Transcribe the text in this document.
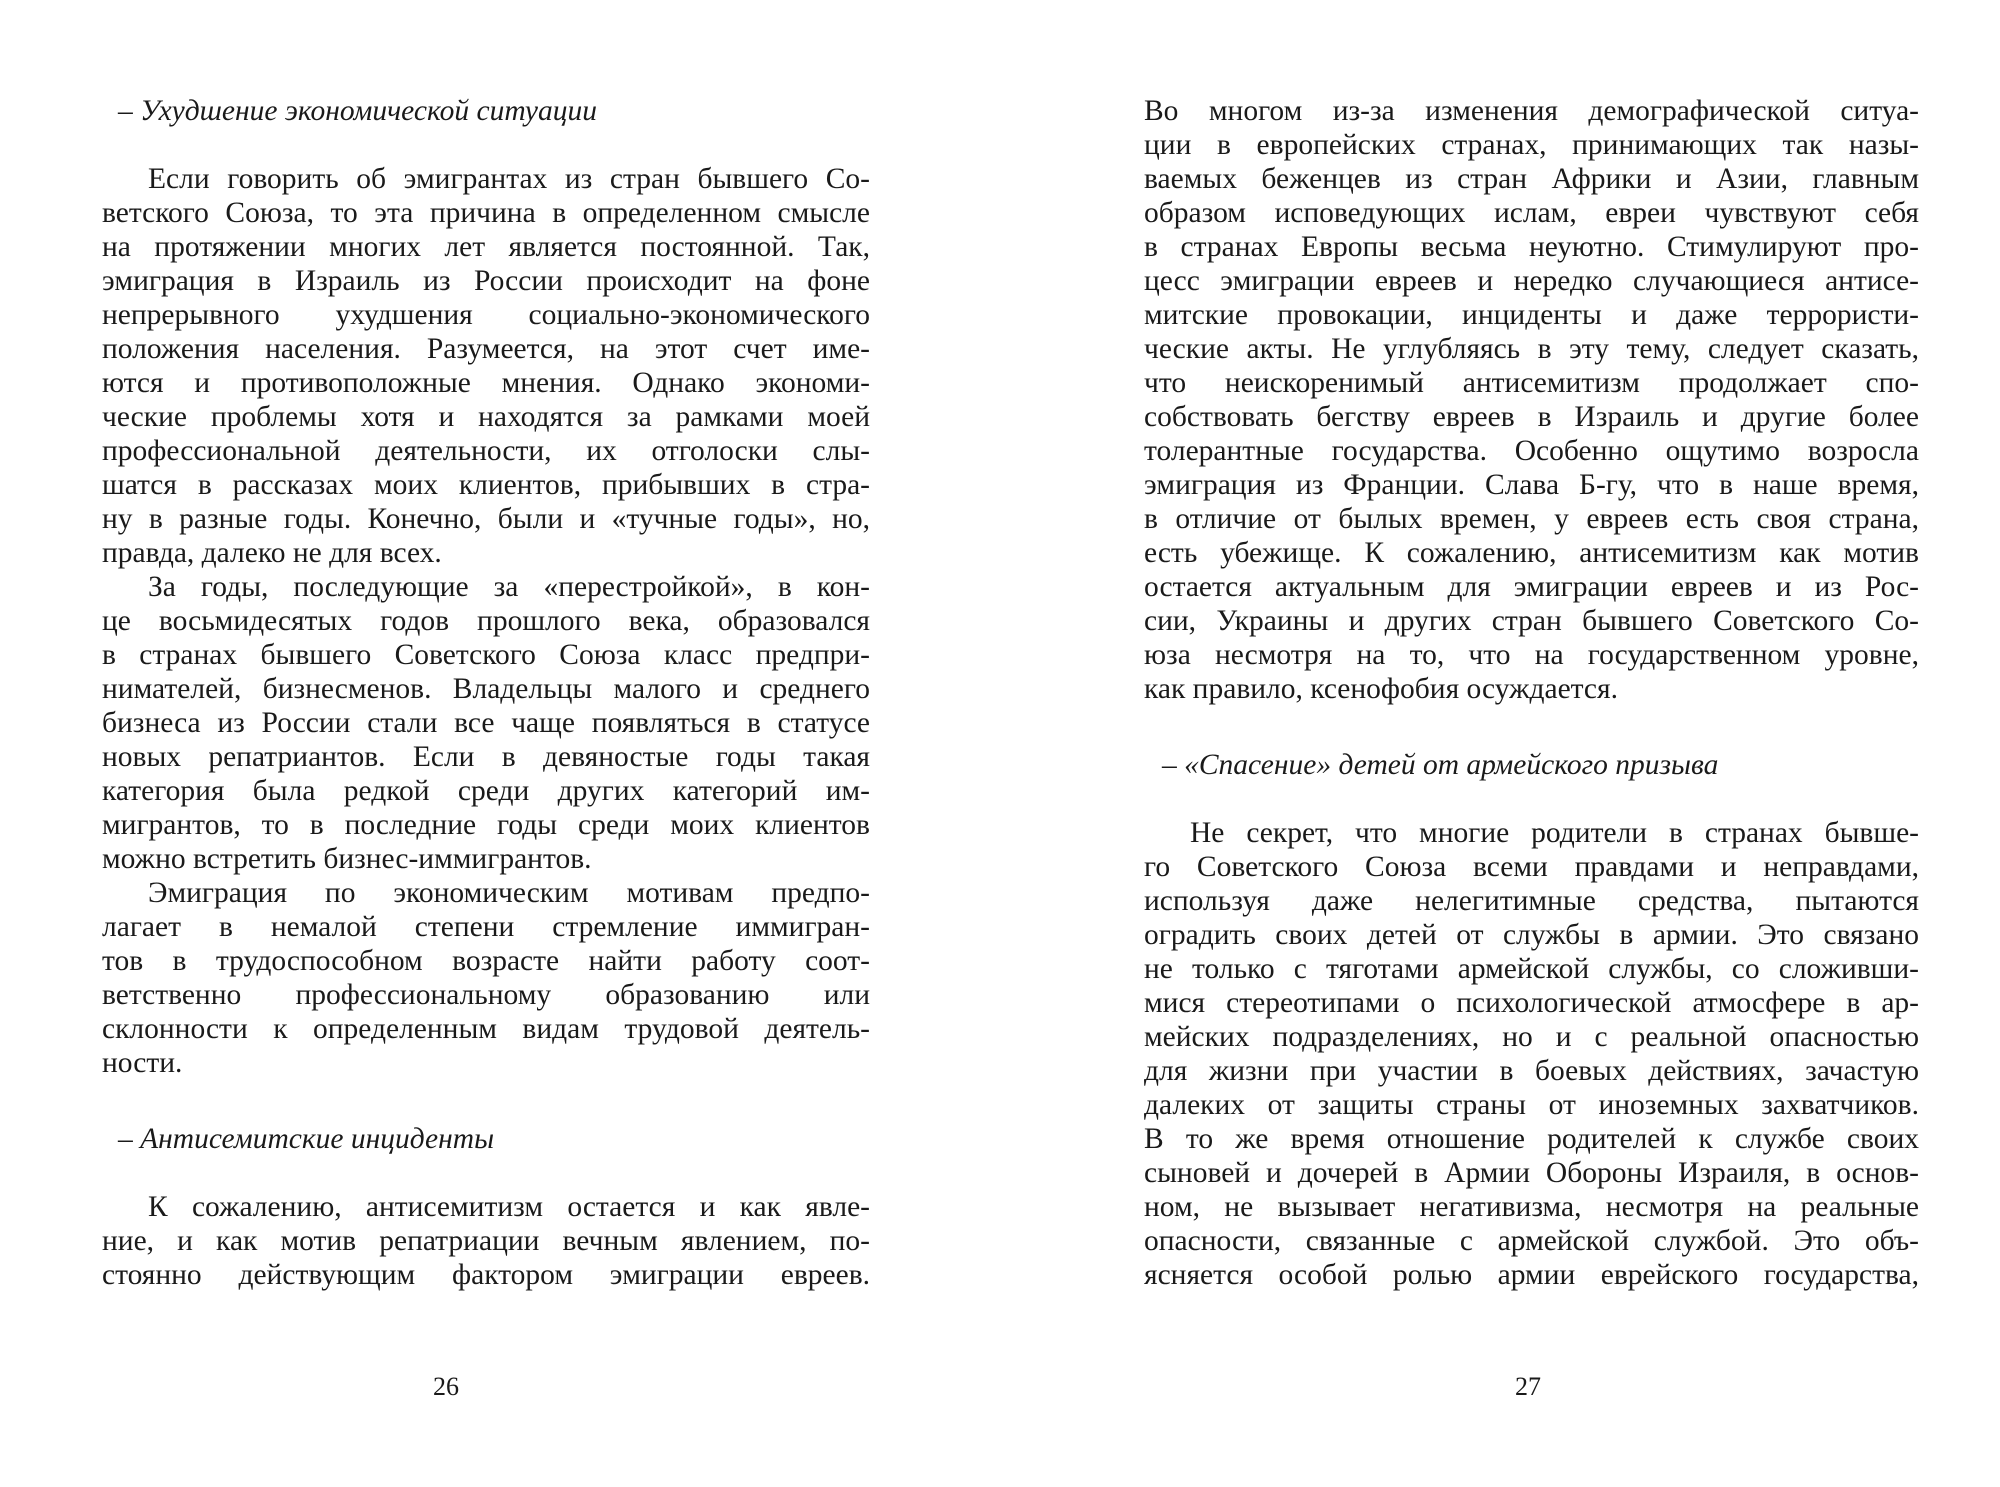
– Ухудшение экономической ситуации
Если говорить об эмигрантах из стран бывшего Со-
ветского Союза, то эта причина в определенном смысле
на протяжении многих лет является постоянной. Так,
эмиграция в Израиль из России происходит на фоне
непрерывного ухудшения социально-экономического
положения населения. Разумеется, на этот счет име-
ются и противоположные мнения. Однако экономи-
ческие проблемы хотя и находятся за рамками моей
профессиональной деятельности, их отголоски слы-
шатся в рассказах моих клиентов, прибывших в стра-
ну в разные годы. Конечно, были и «тучные годы», но,
правда, далеко не для всех.
За годы, последующие за «перестройкой», в кон-
це восьмидесятых годов прошлого века, образовался
в странах бывшего Советского Союза класс предпри-
нимателей, бизнесменов. Владельцы малого и среднего
бизнеса из России стали все чаще появляться в статусе
новых репатриантов. Если в девяностые годы такая
категория была редкой среди других категорий им-
мигрантов, то в последние годы среди моих клиентов
можно встретить бизнес-иммигрантов.
Эмиграция по экономическим мотивам предпо-
лагает в немалой степени стремление иммигран-
тов в трудоспособном возрасте найти работу соот-
ветственно профессиональному образованию или
склонности к определенным видам трудовой деятель-
ности.
– Антисемитские инциденты
К сожалению, антисемитизм остается и как явле-
ние, и как мотив репатриации вечным явлением, по-
стоянно действующим фактором эмиграции евреев.
26
Во многом из-за изменения демографической ситуа-
ции в европейских странах, принимающих так назы-
ваемых беженцев из стран Африки и Азии, главным
образом исповедующих ислам, евреи чувствуют себя
в странах Европы весьма неуютно. Стимулируют про-
цесс эмиграции евреев и нередко случающиеся антисе-
митские провокации, инциденты и даже террористи-
ческие акты. Не углубляясь в эту тему, следует сказать,
что неискоренимый антисемитизм продолжает спо-
собствовать бегству евреев в Израиль и другие более
толерантные государства. Особенно ощутимо возросла
эмиграция из Франции. Слава Б-гу, что в наше время,
в отличие от былых времен, у евреев есть своя страна,
есть убежище. К сожалению, антисемитизм как мотив
остается актуальным для эмиграции евреев и из Рос-
сии, Украины и других стран бывшего Советского Со-
юза несмотря на то, что на государственном уровне,
как правило, ксенофобия осуждается.
– «Спасение» детей от армейского призыва
Не секрет, что многие родители в странах бывше-
го Советского Союза всеми правдами и неправдами,
используя даже нелегитимные средства, пытаются
оградить своих детей от службы в армии. Это связано
не только с тяготами армейской службы, со сложивши-
мися стереотипами о психологической атмосфере в ар-
мейских подразделениях, но и с реальной опасностью
для жизни при участии в боевых действиях, зачастую
далеких от защиты страны от иноземных захватчиков.
В то же время отношение родителей к службе своих
сыновей и дочерей в Армии Обороны Израиля, в основ-
ном, не вызывает негативизма, несмотря на реальные
опасности, связанные с армейской службой. Это объ-
ясняется особой ролью армии еврейского государства,
27
